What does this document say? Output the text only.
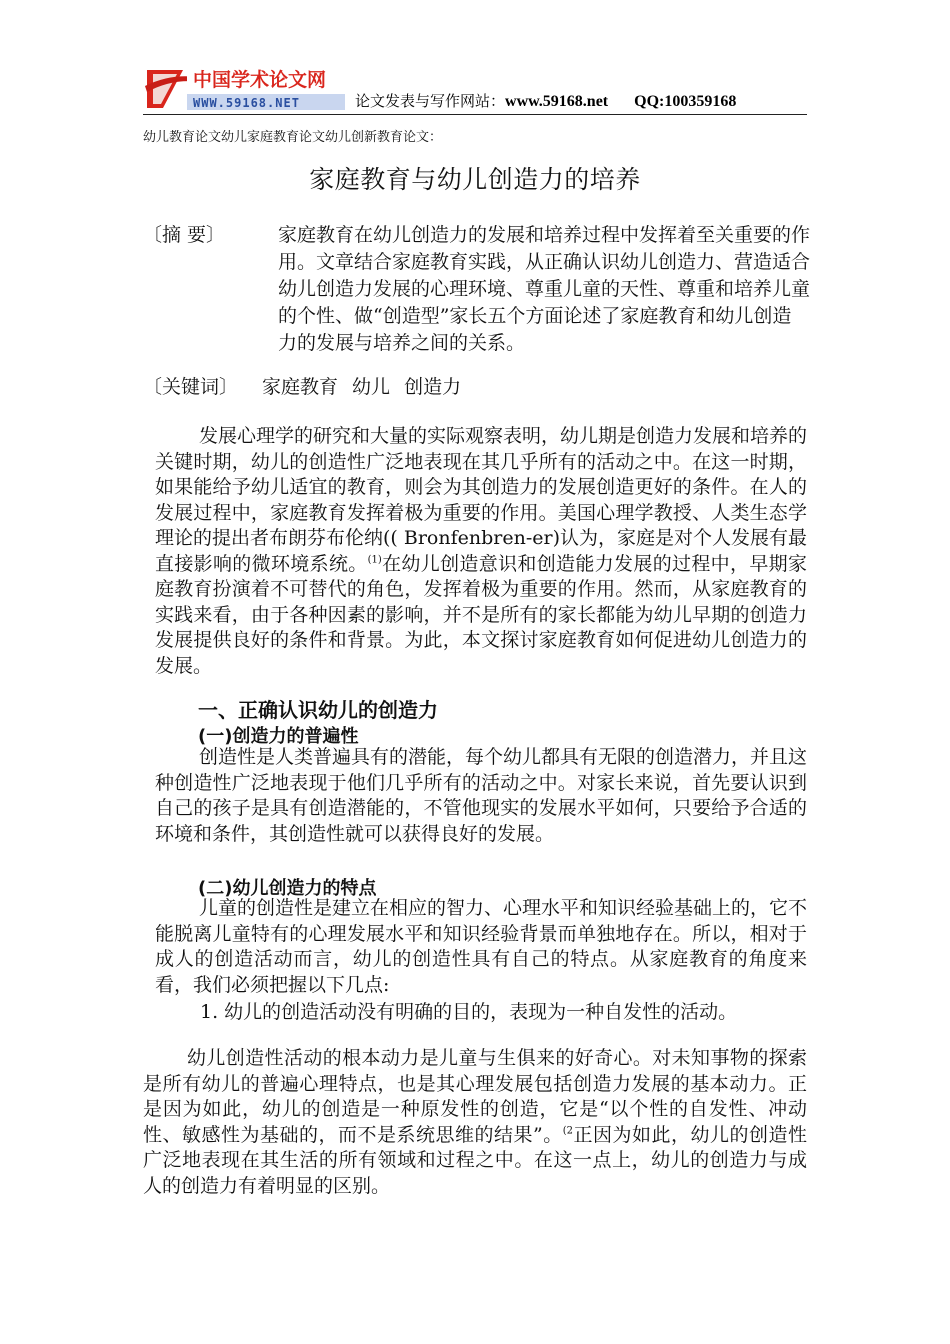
中国学术论文网
WWW.59168.NET	论文发表与写作网站：www.59168.net QQ:100359168
幼儿教育论文幼儿家庭教育论文幼儿创新教育论文：
家庭教育与幼儿创造力的培养
〔摘 要〕	家庭教育在幼儿创造力的发展和培养过程中发挥着至关重要的作用。文章结合家庭教育实践，从正确认识幼儿创造力、营造适合幼儿创造力发展的心理环境、尊重儿童的天性、尊重和培养儿童的个性、做“创造型”家长五个方面论述了家庭教育和幼儿创造力的发展与培养之间的关系。
〔关键词〕 家庭教育 幼儿 创造力
发展心理学的研究和大量的实际观察表明，幼儿期是创造力发展和培养的关键时期，幼儿的创造性广泛地表现在其几乎所有的活动之中。在这一时期，如果能给予幼儿适宜的教育，则会为其创造力的发展创造更好的条件。在人的发展过程中，家庭教育发挥着极为重要的作用。美国心理学教授、人类生态学理论的提出者布朗芬布伦纳(( Bronfenbren-er)认为，家庭是对个人发展有最直接影响的微环境系统。$^{(1)}$在幼儿创造意识和创造能力发展的过程中，早期家庭教育扮演着不可替代的角色，发挥着极为重要的作用。然而，从家庭教育的实践来看，由于各种因素的影响，并不是所有的家长都能为幼儿早期的创造力发展提供良好的条件和背景。为此，本文探讨家庭教育如何促进幼儿创造力的发展。
一、正确认识幼儿的创造力
(一)创造力的普遍性
创造性是人类普遍具有的潜能，每个幼儿都具有无限的创造潜力，并且这种创造性广泛地表现于他们几乎所有的活动之中。对家长来说，首先要认识到自己的孩子是具有创造潜能的，不管他现实的发展水平如何，只要给予合适的环境和条件，其创造性就可以获得良好的发展。
(二)幼儿创造力的特点
儿童的创造性是建立在相应的智力、心理水平和知识经验基础上的，它不能脱离儿童特有的心理发展水平和知识经验背景而单独地存在。所以，相对于成人的创造活动而言，幼儿的创造性具有自己的特点。从家庭教育的角度来看，我们必须把握以下几点:
1. 幼儿的创造活动没有明确的目的，表现为一种自发性的活动。
幼儿创造性活动的根本动力是儿童与生俱来的好奇心。对未知事物的探索是所有幼儿的普遍心理特点，也是其心理发展包括创造力发展的基本动力。正是因为如此，幼儿的创造是一种原发性的创造，它是“以个性的自发性、冲动性、敏感性为基础的，而不是系统思维的结果”。$^{(2}$正因为如此，幼儿的创造性广泛地表现在其生活的所有领域和过程之中。在这一点上，幼儿的创造力与成人的创造力有着明显的区别。
